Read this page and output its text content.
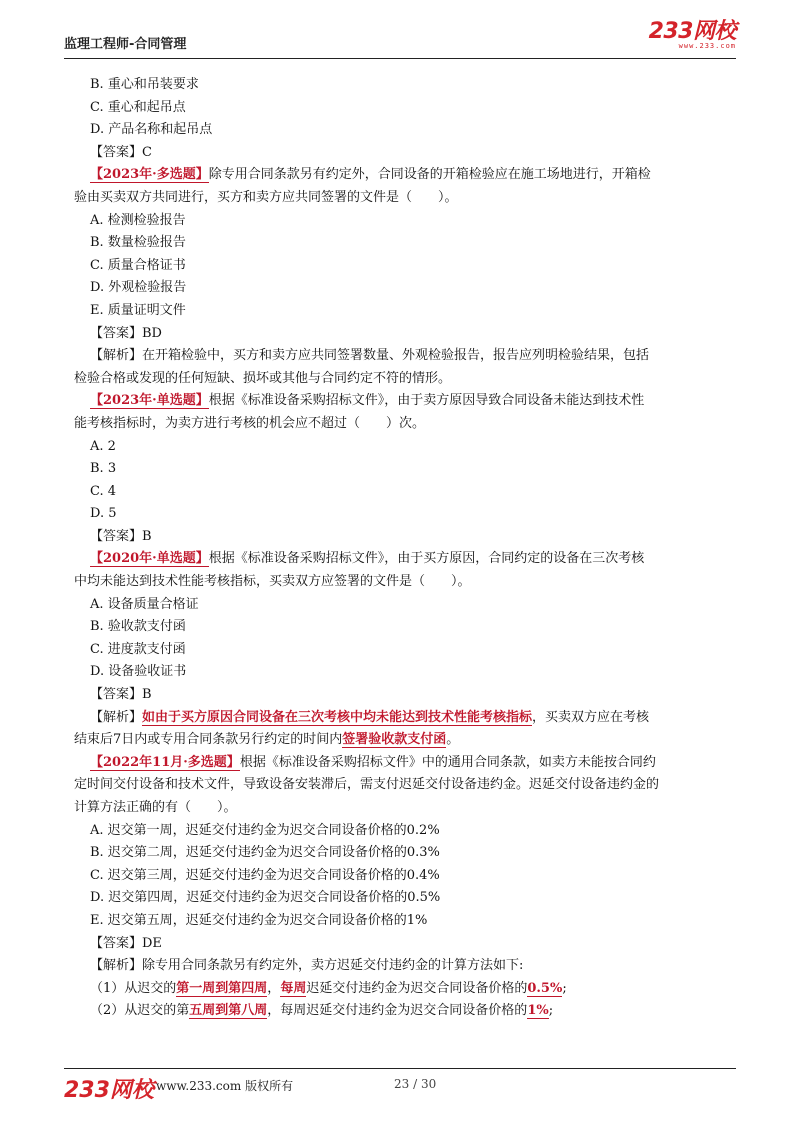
监理工程师-合同管理
233网校
www.233.com
B. 重心和吊装要求
C. 重心和起吊点
D. 产品名称和起吊点
【答案】C
【2023年·多选题】除专用合同条款另有约定外，合同设备的开箱检验应在施工场地进行，开箱检
验由买卖双方共同进行，买方和卖方应共同签署的文件是（　　）。
A. 检测检验报告
B. 数量检验报告
C. 质量合格证书
D. 外观检验报告
E. 质量证明文件
【答案】BD
【解析】在开箱检验中，买方和卖方应共同签署数量、外观检验报告，报告应列明检验结果，包括
检验合格或发现的任何短缺、损坏或其他与合同约定不符的情形。
【2023年·单选题】根据《标准设备采购招标文件》，由于卖方原因导致合同设备未能达到技术性
能考核指标时，为卖方进行考核的机会应不超过（　　）次。
A. 2
B. 3
C. 4
D. 5
【答案】B
【2020年·单选题】根据《标准设备采购招标文件》，由于买方原因，合同约定的设备在三次考核
中均未能达到技术性能考核指标，买卖双方应签署的文件是（　　）。
A. 设备质量合格证
B. 验收款支付函
C. 进度款支付函
D. 设备验收证书
【答案】B
【解析】如由于买方原因合同设备在三次考核中均未能达到技术性能考核指标，买卖双方应在考核
结束后7日内或专用合同条款另行约定的时间内签署验收款支付函。
【2022年11月·多选题】根据《标准设备采购招标文件》中的通用合同条款，如卖方未能按合同约
定时间交付设备和技术文件，导致设备安装滞后，需支付迟延交付设备违约金。迟延交付设备违约金的
计算方法正确的有（　　）。
A. 迟交第一周，迟延交付违约金为迟交合同设备价格的0.2%
B. 迟交第二周，迟延交付违约金为迟交合同设备价格的0.3%
C. 迟交第三周，迟延交付违约金为迟交合同设备价格的0.4%
D. 迟交第四周，迟延交付违约金为迟交合同设备价格的0.5%
E. 迟交第五周，迟延交付违约金为迟交合同设备价格的1%
【答案】DE
【解析】除专用合同条款另有约定外，卖方迟延交付违约金的计算方法如下:
（1）从迟交的第一周到第四周，每周迟延交付违约金为迟交合同设备价格的0.5%;
（2）从迟交的第五周到第八周，每周迟延交付违约金为迟交合同设备价格的1%;
233网校 www.233.com 版权所有	23 / 30
